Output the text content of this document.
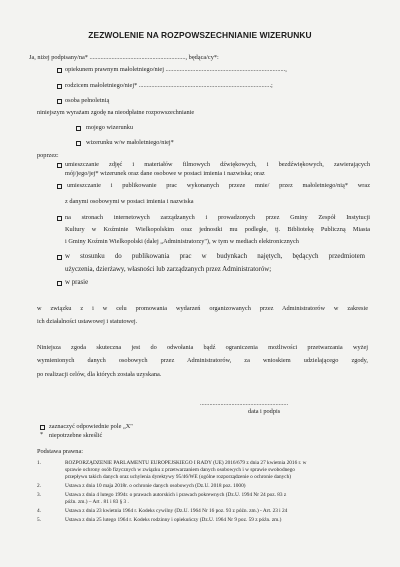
ZEZWOLENIE NA ROZPOWSZECHNIANIE WIZERUNKU
Ja, niżej podpisany/na* ............................................................., będąca/cy*:
opiekunem prawnym małoletniego/niej ............................................................................,
rodzicem małoletniego/niej* ....................................................................................;
osoba pełnoletnią
niniejszym wyrażam zgodę na nieodpłatne rozpowszechnianie
mojego wizerunku
wizerunku w/w małoletniego/niej*
poprzez:
umieszczanie zdjęć i materiałów filmowych dźwiękowych, i bezdźwiękowych, zawierających
mój/jego/jej* wizerunek oraz dane osobowe w postaci imienia i nazwiska; oraz
umieszczanie i publikowanie prac wykonanych przeze mnie/ przez małoletniego/nią* wraz
z danymi osobowymi w postaci imienia i nazwiska
na stronach internetowych zarządzanych i prowadzonych przez Gminy Zespół Instytucji
Kultury w Koźminie Wielkopolskim oraz jednostki mu podległe, tj. Bibliotekę Publiczną Miasta
i Gminy Koźmin Wielkopolski (dalej „Administratorzy"), w tym w mediach elektronicznych
w stosunku do publikowania prac w budynkach najętych, będących przedmiotem
użyczenia, dzierżawy, własności lub zarządzanych przez Administratorów;
w prasie
w związku z i w celu promowania wydarzeń organizowanych przez Administratorów w zakresie
ich działalności ustawowej i statutowej.
Niniejsza zgoda skuteczna jest do odwołania bądź ograniczenia możliwości przetwarzania wyżej
wymienionych danych osobowych przez Administratorów, za wnioskiem udzielającego zgody,
po realizacji celów, dla których została uzyskana.
........................................................
data i podpis
zaznaczyć odpowiednie pole „X"
* niepotrzebne skreślić
Podstawa prawna:
1.	ROZPORZĄDZENIE PARLAMENTU EUROPEJSKIEGO I RADY (UE) 2016/679 z dnia 27 kwietnia 2016 r. w
sprawie ochrony osób fizycznych w związku z przetwarzaniem danych osobowych i w sprawie swobodnego
przepływu takich danych oraz uchylenia dyrektywy 95/46/WE (ogólne rozporządzenie o ochronie danych)
2.	Ustawa z dnia 10 maja 2018r. o ochronie danych osobowych (Dz.U. 2018 poz. 1000)
3.	Ustawa z dnia 4 lutego 1994r. o prawach autorskich i prawach pokrewnych (Dz.U. 1994 Nr 24 poz. 83 z
późn. zm.) – Art . 81 i 83 § 3 .
4.	Ustawa z dnia 23 kwietnia 1964 r. Kodeks cywilny (Dz.U. 1964 Nr 16 poz. 93 z późn. zm.) - Art. 23 i 24
5.	Ustawa z dnia 25 lutego 1964 r. Kodeks rodzinny i opiekuńczy (Dz.U. 1964 Nr 9 poz. 59 z późn. zm.)
